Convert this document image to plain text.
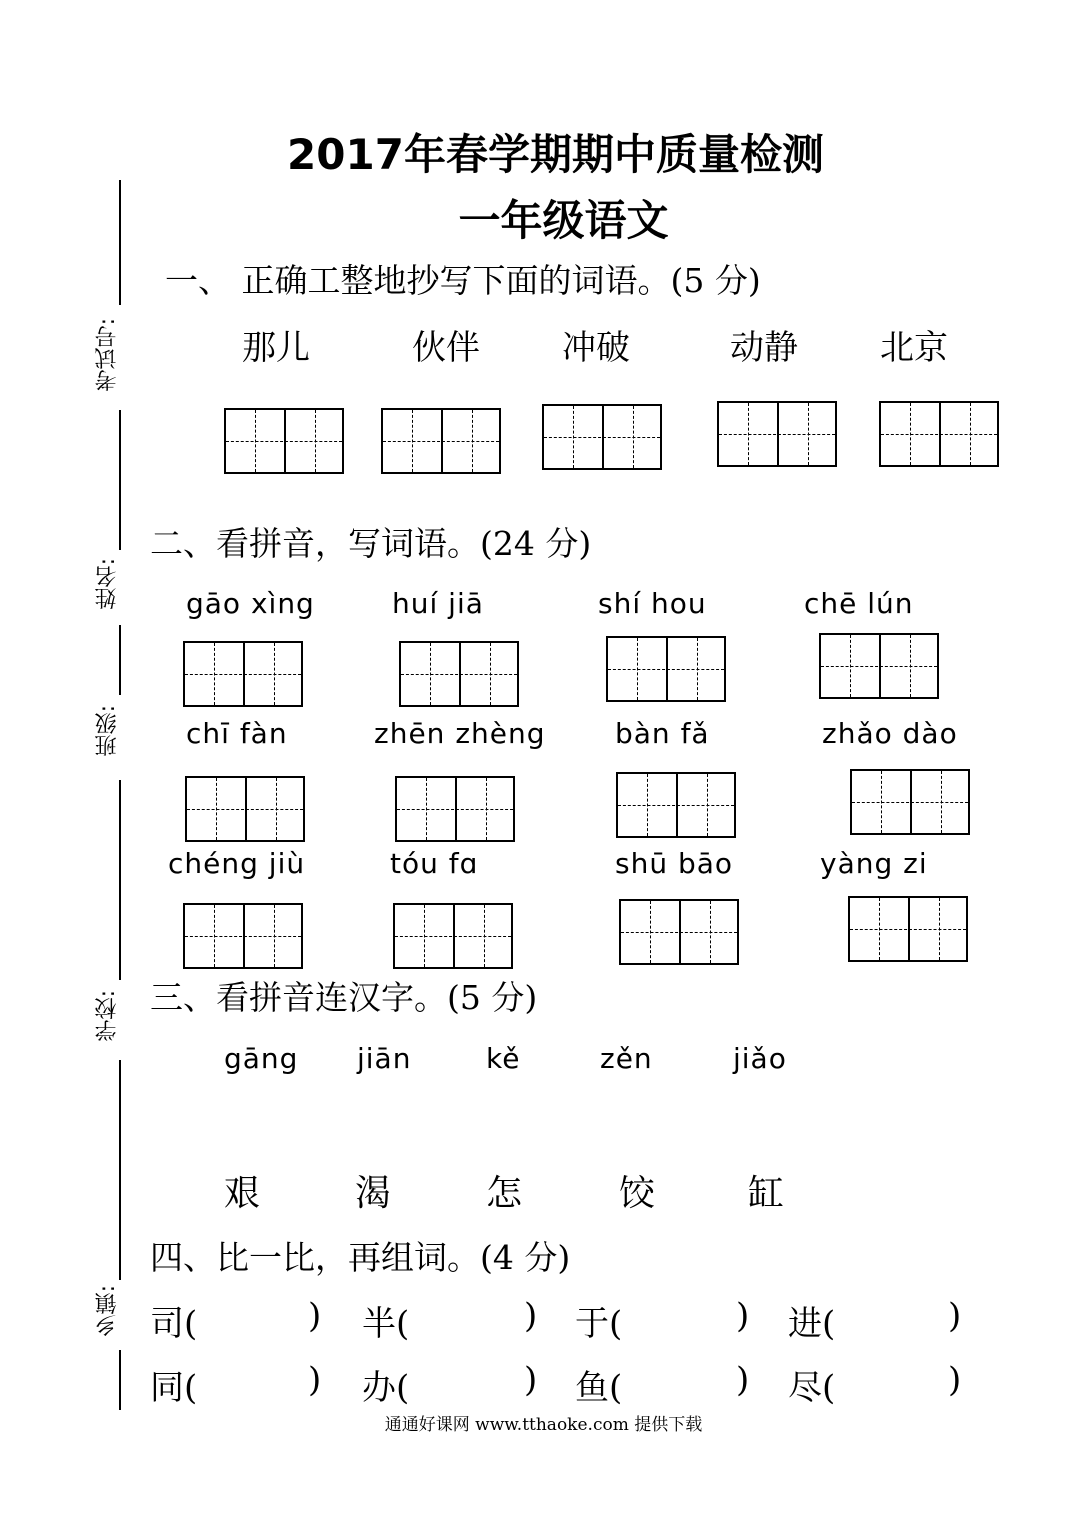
2017年春学期期中质量检测
一年级语文
考试号:
姓名:
班级:
学校:
乡镇:
一、 正确工整地抄写下面的词语。(5 分)
那儿	伙伴 冲破	动静 北京
二、看拼音，写词语。(24 分)
gāo xìng	huí jiā	shí hou	chē lún
chī fàn	zhēn zhèng bàn fǎ	zhǎo dào
chéng jiù	tóu fɑ	shū bāo	yàng zi
三、看拼音连汉字。(5 分)
gāng jiān	kě	zěn	jiǎo
艰	渴	怎	饺	缸
四、比一比，再组词。(4 分)
司(	) 半(	) 于(	) 进(	)
同(	) 办(	) 鱼(	) 尽(	)
通通好课网 www.tthaoke.com 提供下载
